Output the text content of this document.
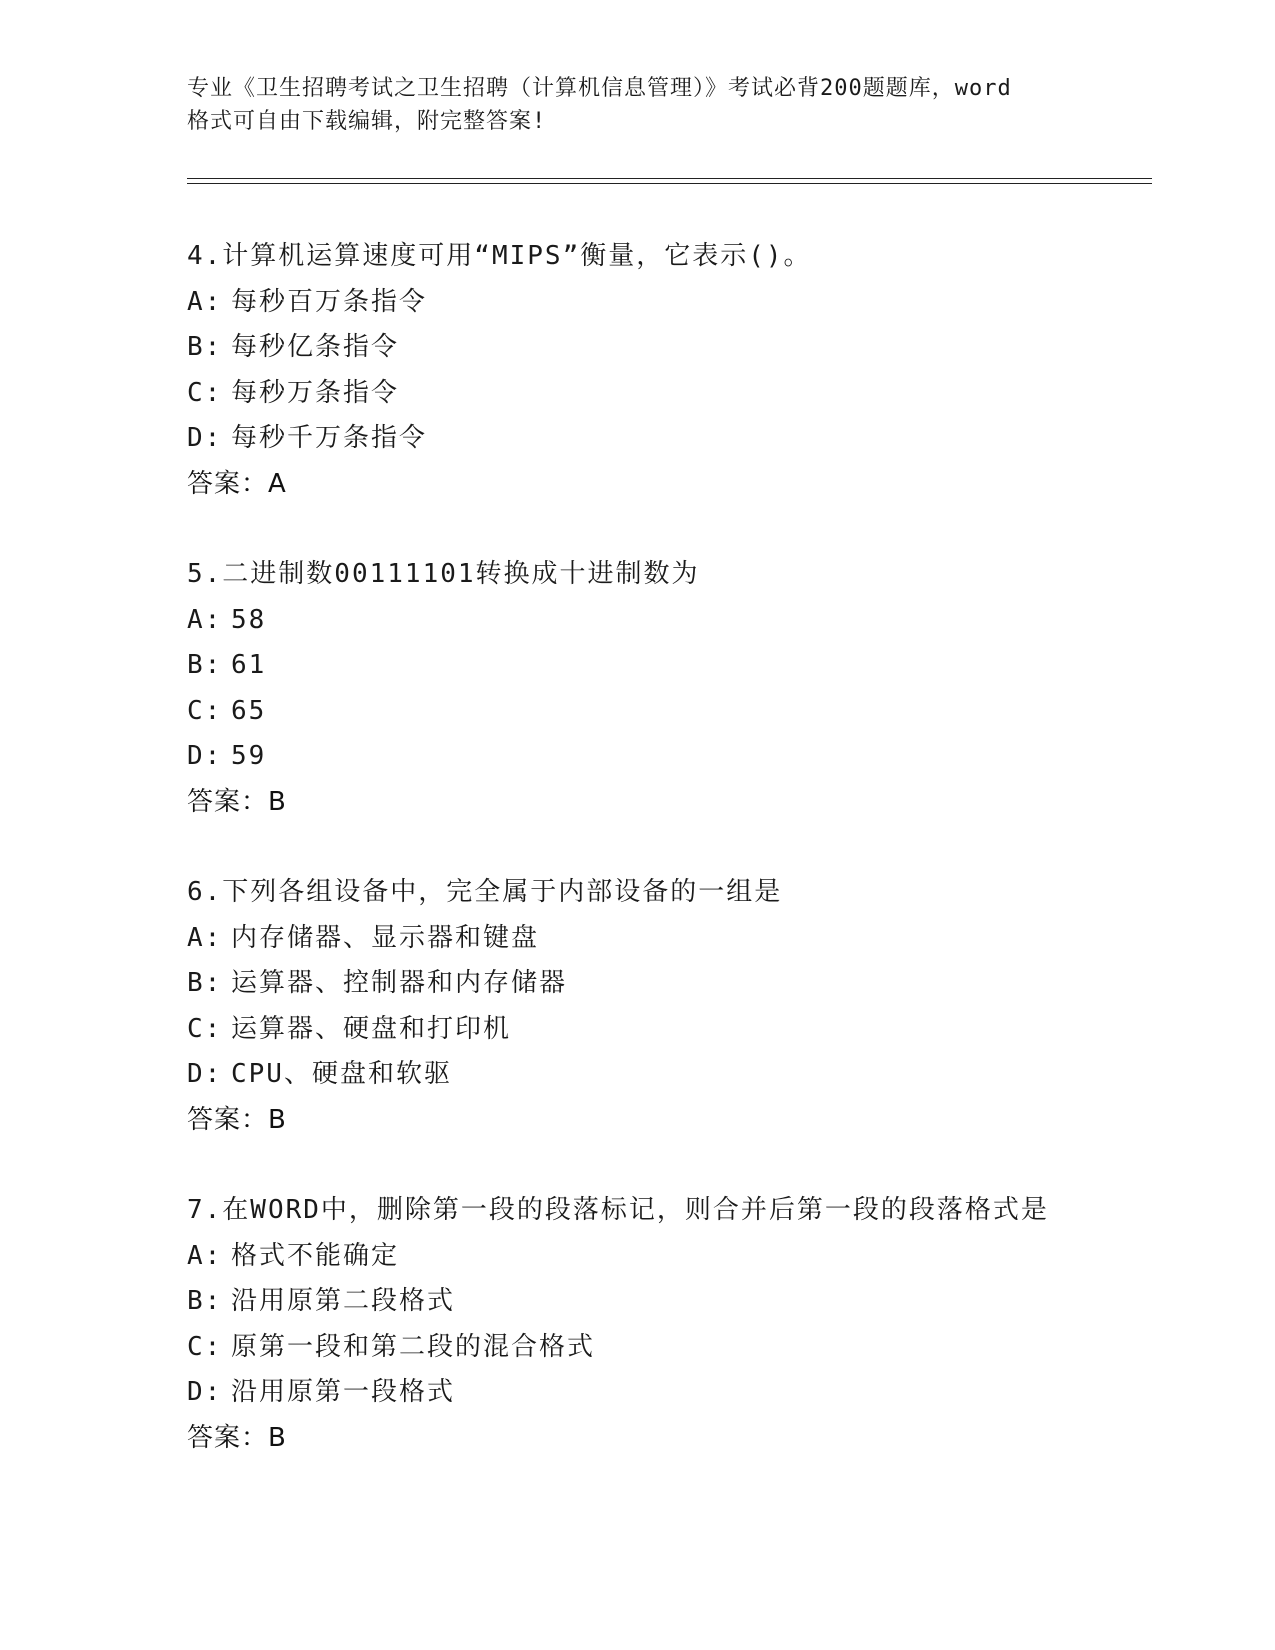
专业《卫生招聘考试之卫生招聘（计算机信息管理）》考试必背200题题库，word
格式可自由下载编辑，附完整答案!
4.计算机运算速度可用“MIPS”衡量，它表示()。
A: 每秒百万条指令
B: 每秒亿条指令
C: 每秒万条指令
D: 每秒千万条指令
答案：A
5.二进制数00111101转换成十进制数为
A: 58
B: 61
C: 65
D: 59
答案：B
6.下列各组设备中，完全属于内部设备的一组是
A: 内存储器、显示器和键盘
B: 运算器、控制器和内存储器
C: 运算器、硬盘和打印机
D: CPU、硬盘和软驱
答案：B
7.在WORD中，删除第一段的段落标记，则合并后第一段的段落格式是
A: 格式不能确定
B: 沿用原第二段格式
C: 原第一段和第二段的混合格式
D: 沿用原第一段格式
答案：B
